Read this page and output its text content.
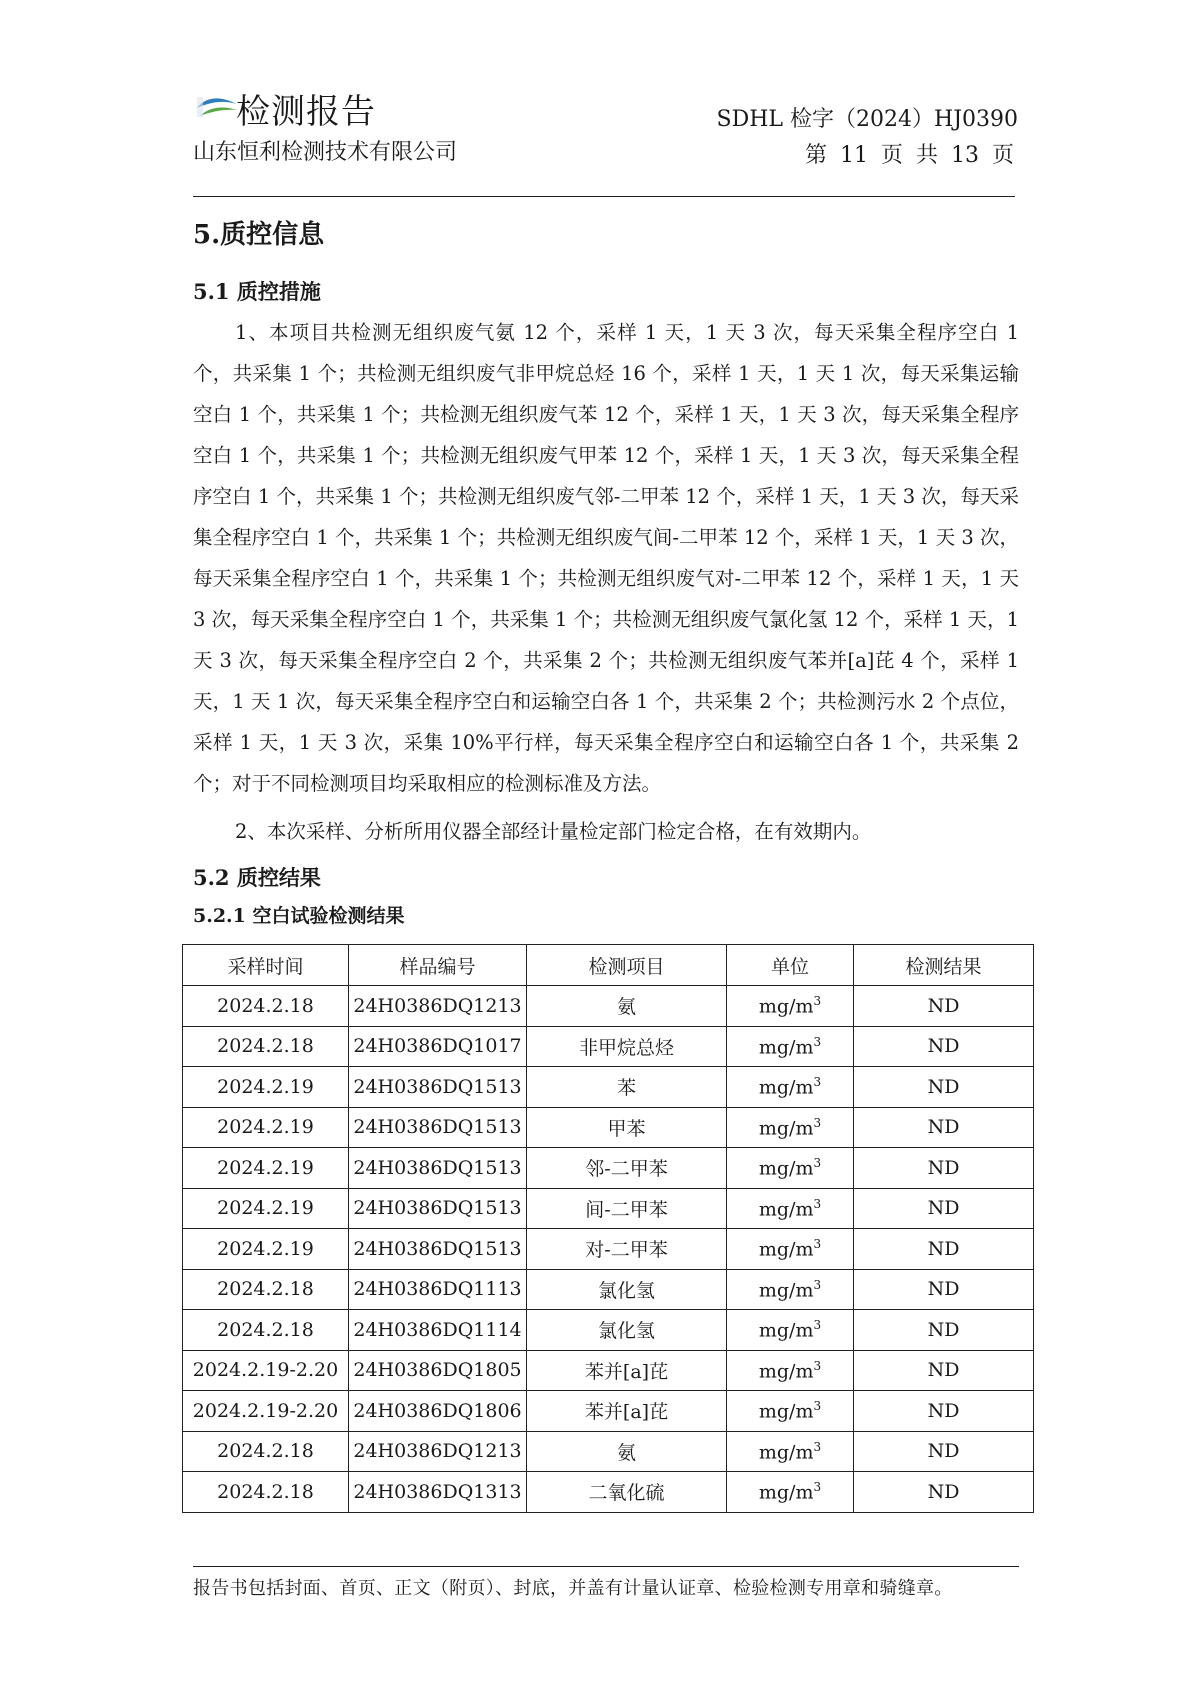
检测报告
山东恒利检测技术有限公司
SDHL 检字（2024）HJ0390
第 11 页 共 13 页
5.质控信息
5.1 质控措施

1、本项目共检测无组织废气氨 12 个，采样 1 天，1 天 3 次，每天采集全程序空白 1 个，共采集 1 个；共检测无组织废气非甲烷总烃 16 个，采样 1 天，1 天 1 次，每天采集运输空白 1 个，共采集 1 个；共检测无组织废气苯 12 个，采样 1 天，1 天 3 次，每天采集全程序空白 1 个，共采集 1 个；共检测无组织废气甲苯 12 个，采样 1 天，1 天 3 次，每天采集全程序空白 1 个，共采集 1 个；共检测无组织废气邻-二甲苯 12 个，采样 1 天，1 天 3 次，每天采集全程序空白 1 个，共采集 1 个；共检测无组织废气间-二甲苯 12 个，采样 1 天，1 天 3 次，每天采集全程序空白 1 个，共采集 1 个；共检测无组织废气对-二甲苯 12 个，采样 1 天，1 天 3 次，每天采集全程序空白 1 个，共采集 1 个；共检测无组织废气氯化氢 12 个，采样 1 天，1 天 3 次，每天采集全程序空白 2 个，共采集 2 个；共检测无组织废气苯并[a]芘 4 个，采样 1 天，1 天 1 次，每天采集全程序空白和运输空白各 1 个，共采集 2 个；共检测污水 2 个点位，采样 1 天，1 天 3 次，采集 10%平行样，每天采集全程序空白和运输空白各 1 个，共采集 2 个；对于不同检测项目均采取相应的检测标准及方法。

2、本次采样、分析所用仪器全部经计量检定部门检定合格，在有效期内。

5.2 质控结果
5.2.1 空白试验检测结果
采样时间	样品编号	检测项目	单位	检测结果
2024.2.18	24H0386DQ1213	氨	$mg/m^3$	ND
2024.2.18	24H0386DQ1017	非甲烷总烃	$mg/m^3$	ND
2024.2.19	24H0386DQ1513	苯	$mg/m^3$	ND
2024.2.19	24H0386DQ1513	甲苯	$mg/m^3$	ND
2024.2.19	24H0386DQ1513	邻-二甲苯	$mg/m^3$	ND
2024.2.19	24H0386DQ1513	间-二甲苯	$mg/m^3$	ND
2024.2.19	24H0386DQ1513	对-二甲苯	$mg/m^3$	ND
2024.2.18	24H0386DQ1113	氯化氢	$mg/m^3$	ND
2024.2.18	24H0386DQ1114	氯化氢	$mg/m^3$	ND
2024.2.19-2.20	24H0386DQ1805	苯并[a]芘	$mg/m^3$	ND
2024.2.19-2.20	24H0386DQ1806	苯并[a]芘	$mg/m^3$	ND
2024.2.18	24H0386DQ1213	氨	$mg/m^3$	ND
2024.2.18	24H0386DQ1313	二氧化硫	$mg/m^3$	ND
报告书包括封面、首页、正文（附页）、封底，并盖有计量认证章、检验检测专用章和骑缝章。
